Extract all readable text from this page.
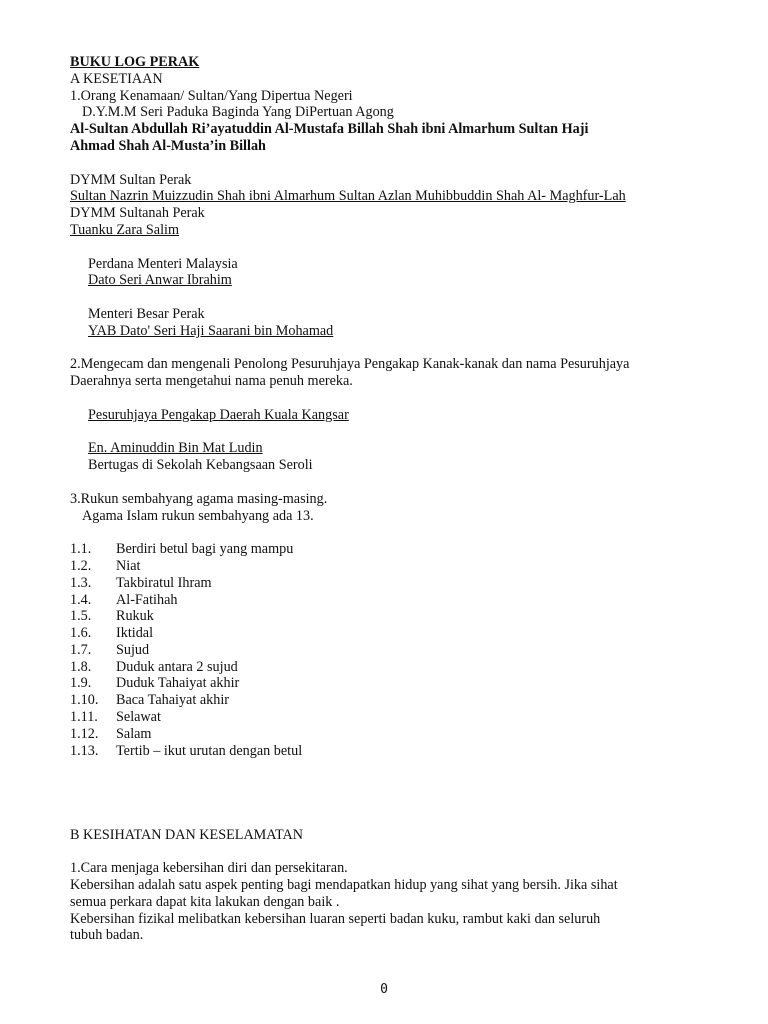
BUKU LOG PERAK
A KESETIAAN
1.Orang Kenamaan/ Sultan/Yang Dipertua Negeri
D.Y.M.M Seri Paduka Baginda Yang DiPertuan Agong
Al-Sultan Abdullah Ri’ayatuddin Al-Mustafa Billah Shah ibni Almarhum Sultan Haji
Ahmad Shah Al-Musta’in Billah
DYMM Sultan Perak
Sultan Nazrin Muizzudin Shah ibni Almarhum Sultan Azlan Muhibbuddin Shah Al- Maghfur-Lah
DYMM Sultanah Perak
Tuanku Zara Salim
Perdana Menteri Malaysia
Dato Seri Anwar Ibrahim
Menteri Besar Perak
YAB Dato' Seri Haji Saarani bin Mohamad
2.Mengecam dan mengenali Penolong Pesuruhjaya Pengakap Kanak-kanak dan nama Pesuruhjaya
Daerahnya serta mengetahui nama penuh mereka.
Pesuruhjaya Pengakap Daerah Kuala Kangsar
En. Aminuddin Bin Mat Ludin
Bertugas di Sekolah Kebangsaan Seroli
3.Rukun sembahyang agama masing-masing.
Agama Islam rukun sembahyang ada 13.
1.1.	Berdiri betul bagi yang mampu
1.2.	Niat
1.3.	Takbiratul Ihram
1.4.	Al-Fatihah
1.5.	Rukuk
1.6.	Iktidal
1.7.	Sujud
1.8.	Duduk antara 2 sujud
1.9.	Duduk Tahaiyat akhir
1.10.	Baca Tahaiyat akhir
1.11.	Selawat
1.12.	Salam
1.13.	Tertib – ikut urutan dengan betul
B KESIHATAN DAN KESELAMATAN
1.Cara menjaga kebersihan diri dan persekitaran.
Kebersihan adalah satu aspek penting bagi mendapatkan hidup yang sihat yang bersih. Jika sihat
semua perkara dapat kita lakukan dengan baik .
Kebersihan fizikal melibatkan kebersihan luaran seperti badan kuku, rambut kaki dan seluruh
tubuh badan.
0
